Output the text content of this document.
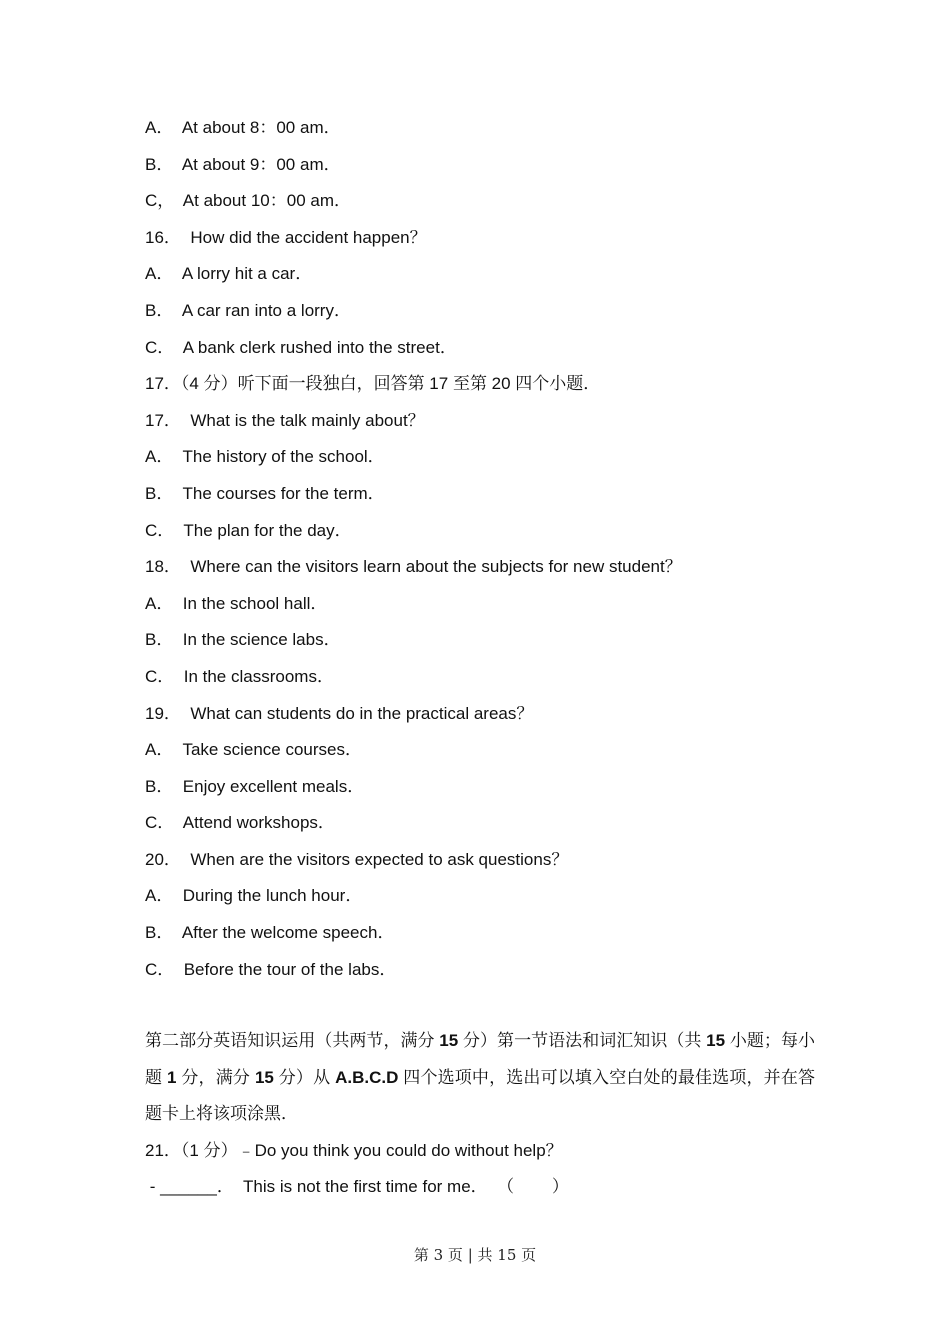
A．  At about 8：00 am．
B．  At about 9：00 am．
C，  At about 10：00 am．
16．  How did the accident happen？
A．  A lorry hit a car．
B．  A car ran into a lorry．
C．  A bank clerk rushed into the street．
17．（4 分）听下面一段独白，回答第 17 至第 20 四个小题．
17．  What is the talk mainly about？
A．  The history of the school．
B．  The courses for the term．
C．  The plan for the day．
18．  Where can the visitors learn about the subjects for new student？
A．  In the school hall．
B．  In the science labs．
C．  In the classrooms．
19．  What can students do in the practical areas？
A．  Take science courses．
B．  Enjoy excellent meals．
C．  Attend workshops．
20．  When are the visitors expected to ask questions？
A．  During the lunch hour．
B．  After the welcome speech．
C．  Before the tour of the labs．
第二部分英语知识运用（共两节，满分 15 分）第一节语法和词汇知识（共 15 小题；每小题 1 分，满分 15 分）从 A.B.C.D 四个选项中，选出可以填入空白处的最佳选项，并在答题卡上将该项涂黑．
21．（1 分）﹣Do you think you could do without help？
- ______．  This is not the first time for me．  （        ）
第 3 页 | 共 15 页
